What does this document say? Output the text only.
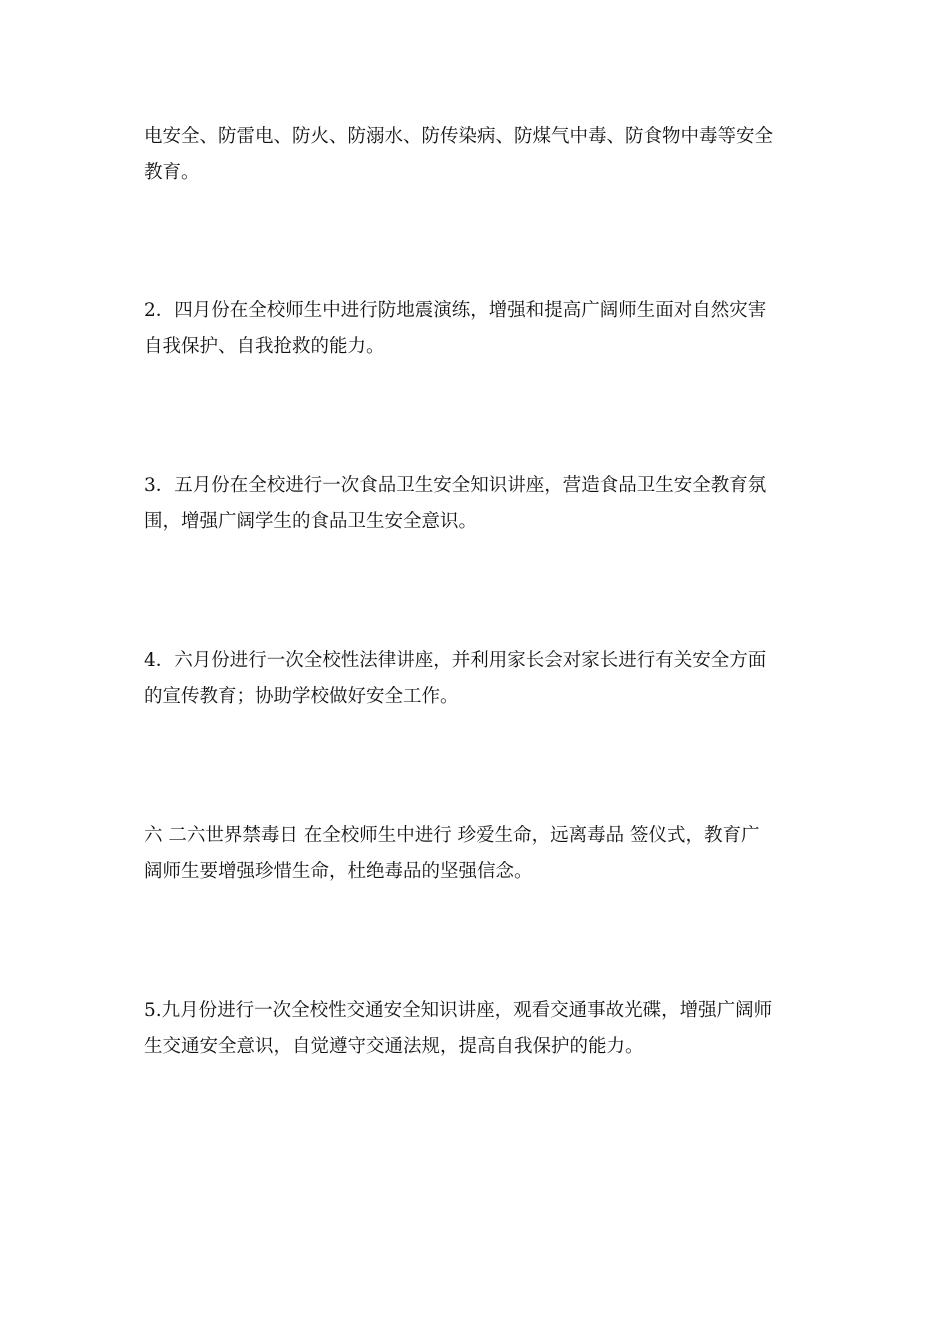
电安全、防雷电、防火、防溺水、防传染病、防煤气中毒、防食物中毒等安全
教育。

2．四月份在全校师生中进行防地震演练，增强和提高广阔师生面对自然灾害
自我保护、自我抢救的能力。

3．五月份在全校进行一次食品卫生安全知识讲座，营造食品卫生安全教育氛
围，增强广阔学生的食品卫生安全意识。

4．六月份进行一次全校性法律讲座，并利用家长会对家长进行有关安全方面
的宣传教育；协助学校做好安全工作。

六 二六世界禁毒日 在全校师生中进行 珍爱生命，远离毒品 签仪式，教育广
阔师生要增强珍惜生命，杜绝毒品的坚强信念。

5.九月份进行一次全校性交通安全知识讲座，观看交通事故光碟，增强广阔师
生交通安全意识，自觉遵守交通法规，提高自我保护的能力。
